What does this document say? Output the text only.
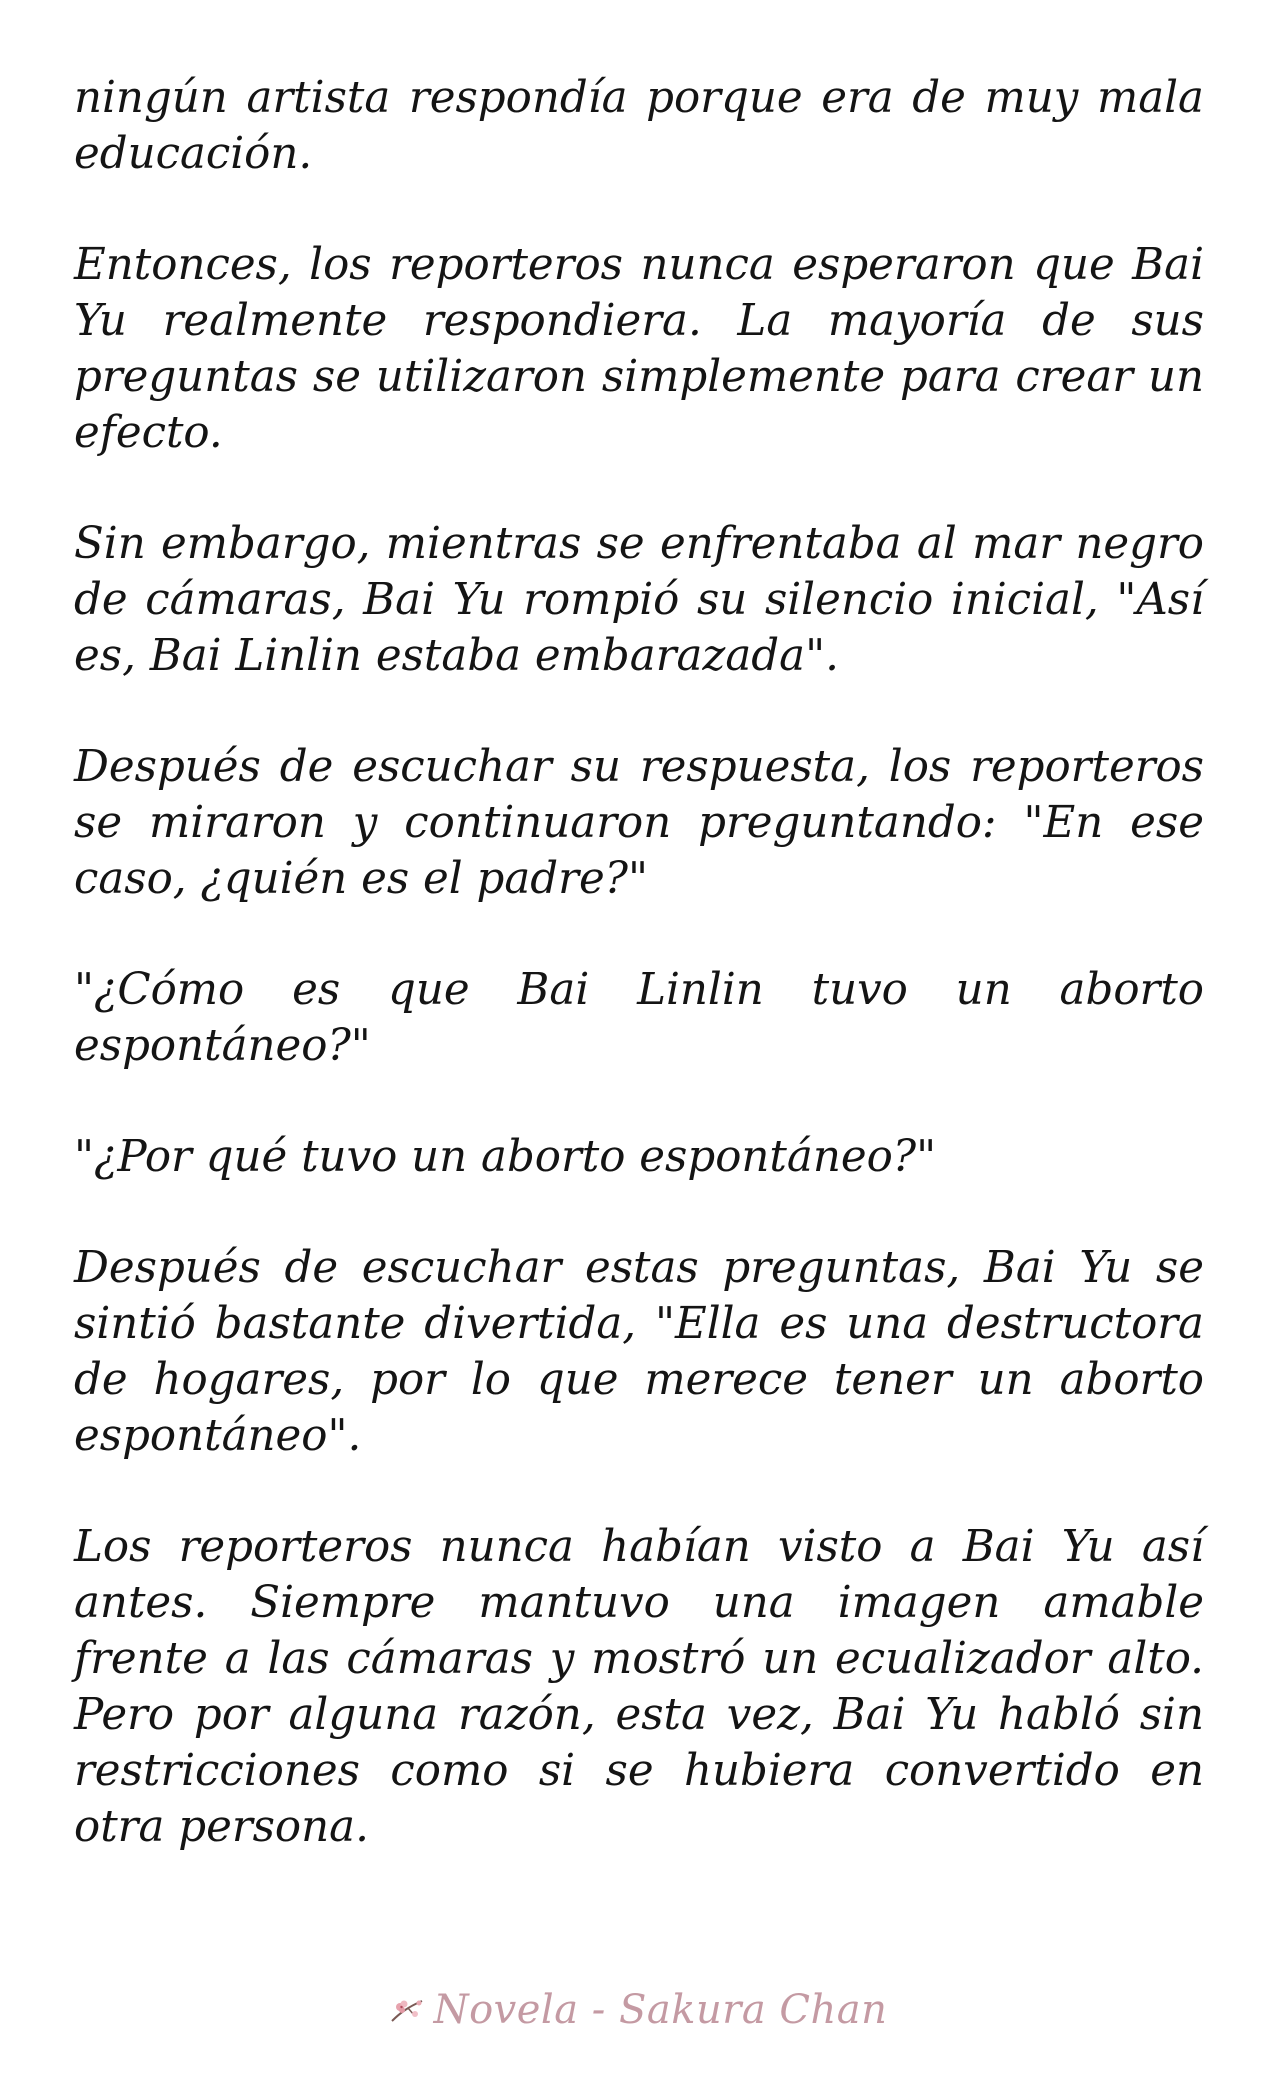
ningún artista respondía porque era de muy mala educación.

Entonces, los reporteros nunca esperaron que Bai Yu realmente respondiera. La mayoría de sus preguntas se utilizaron simplemente para crear un efecto.

Sin embargo, mientras se enfrentaba al mar negro de cámaras, Bai Yu rompió su silencio inicial, "Así es, Bai Linlin estaba embarazada".

Después de escuchar su respuesta, los reporteros se miraron y continuaron preguntando: "En ese caso, ¿quién es el padre?"

"¿Cómo es que Bai Linlin tuvo un aborto espontáneo?"

"¿Por qué tuvo un aborto espontáneo?"

Después de escuchar estas preguntas, Bai Yu se sintió bastante divertida, "Ella es una destructora de hogares, por lo que merece tener un aborto espontáneo".

Los reporteros nunca habían visto a Bai Yu así antes. Siempre mantuvo una imagen amable frente a las cámaras y mostró un ecualizador alto. Pero por alguna razón, esta vez, Bai Yu habló sin restricciones como si se hubiera convertido en otra persona.

Novela - Sakura Chan
